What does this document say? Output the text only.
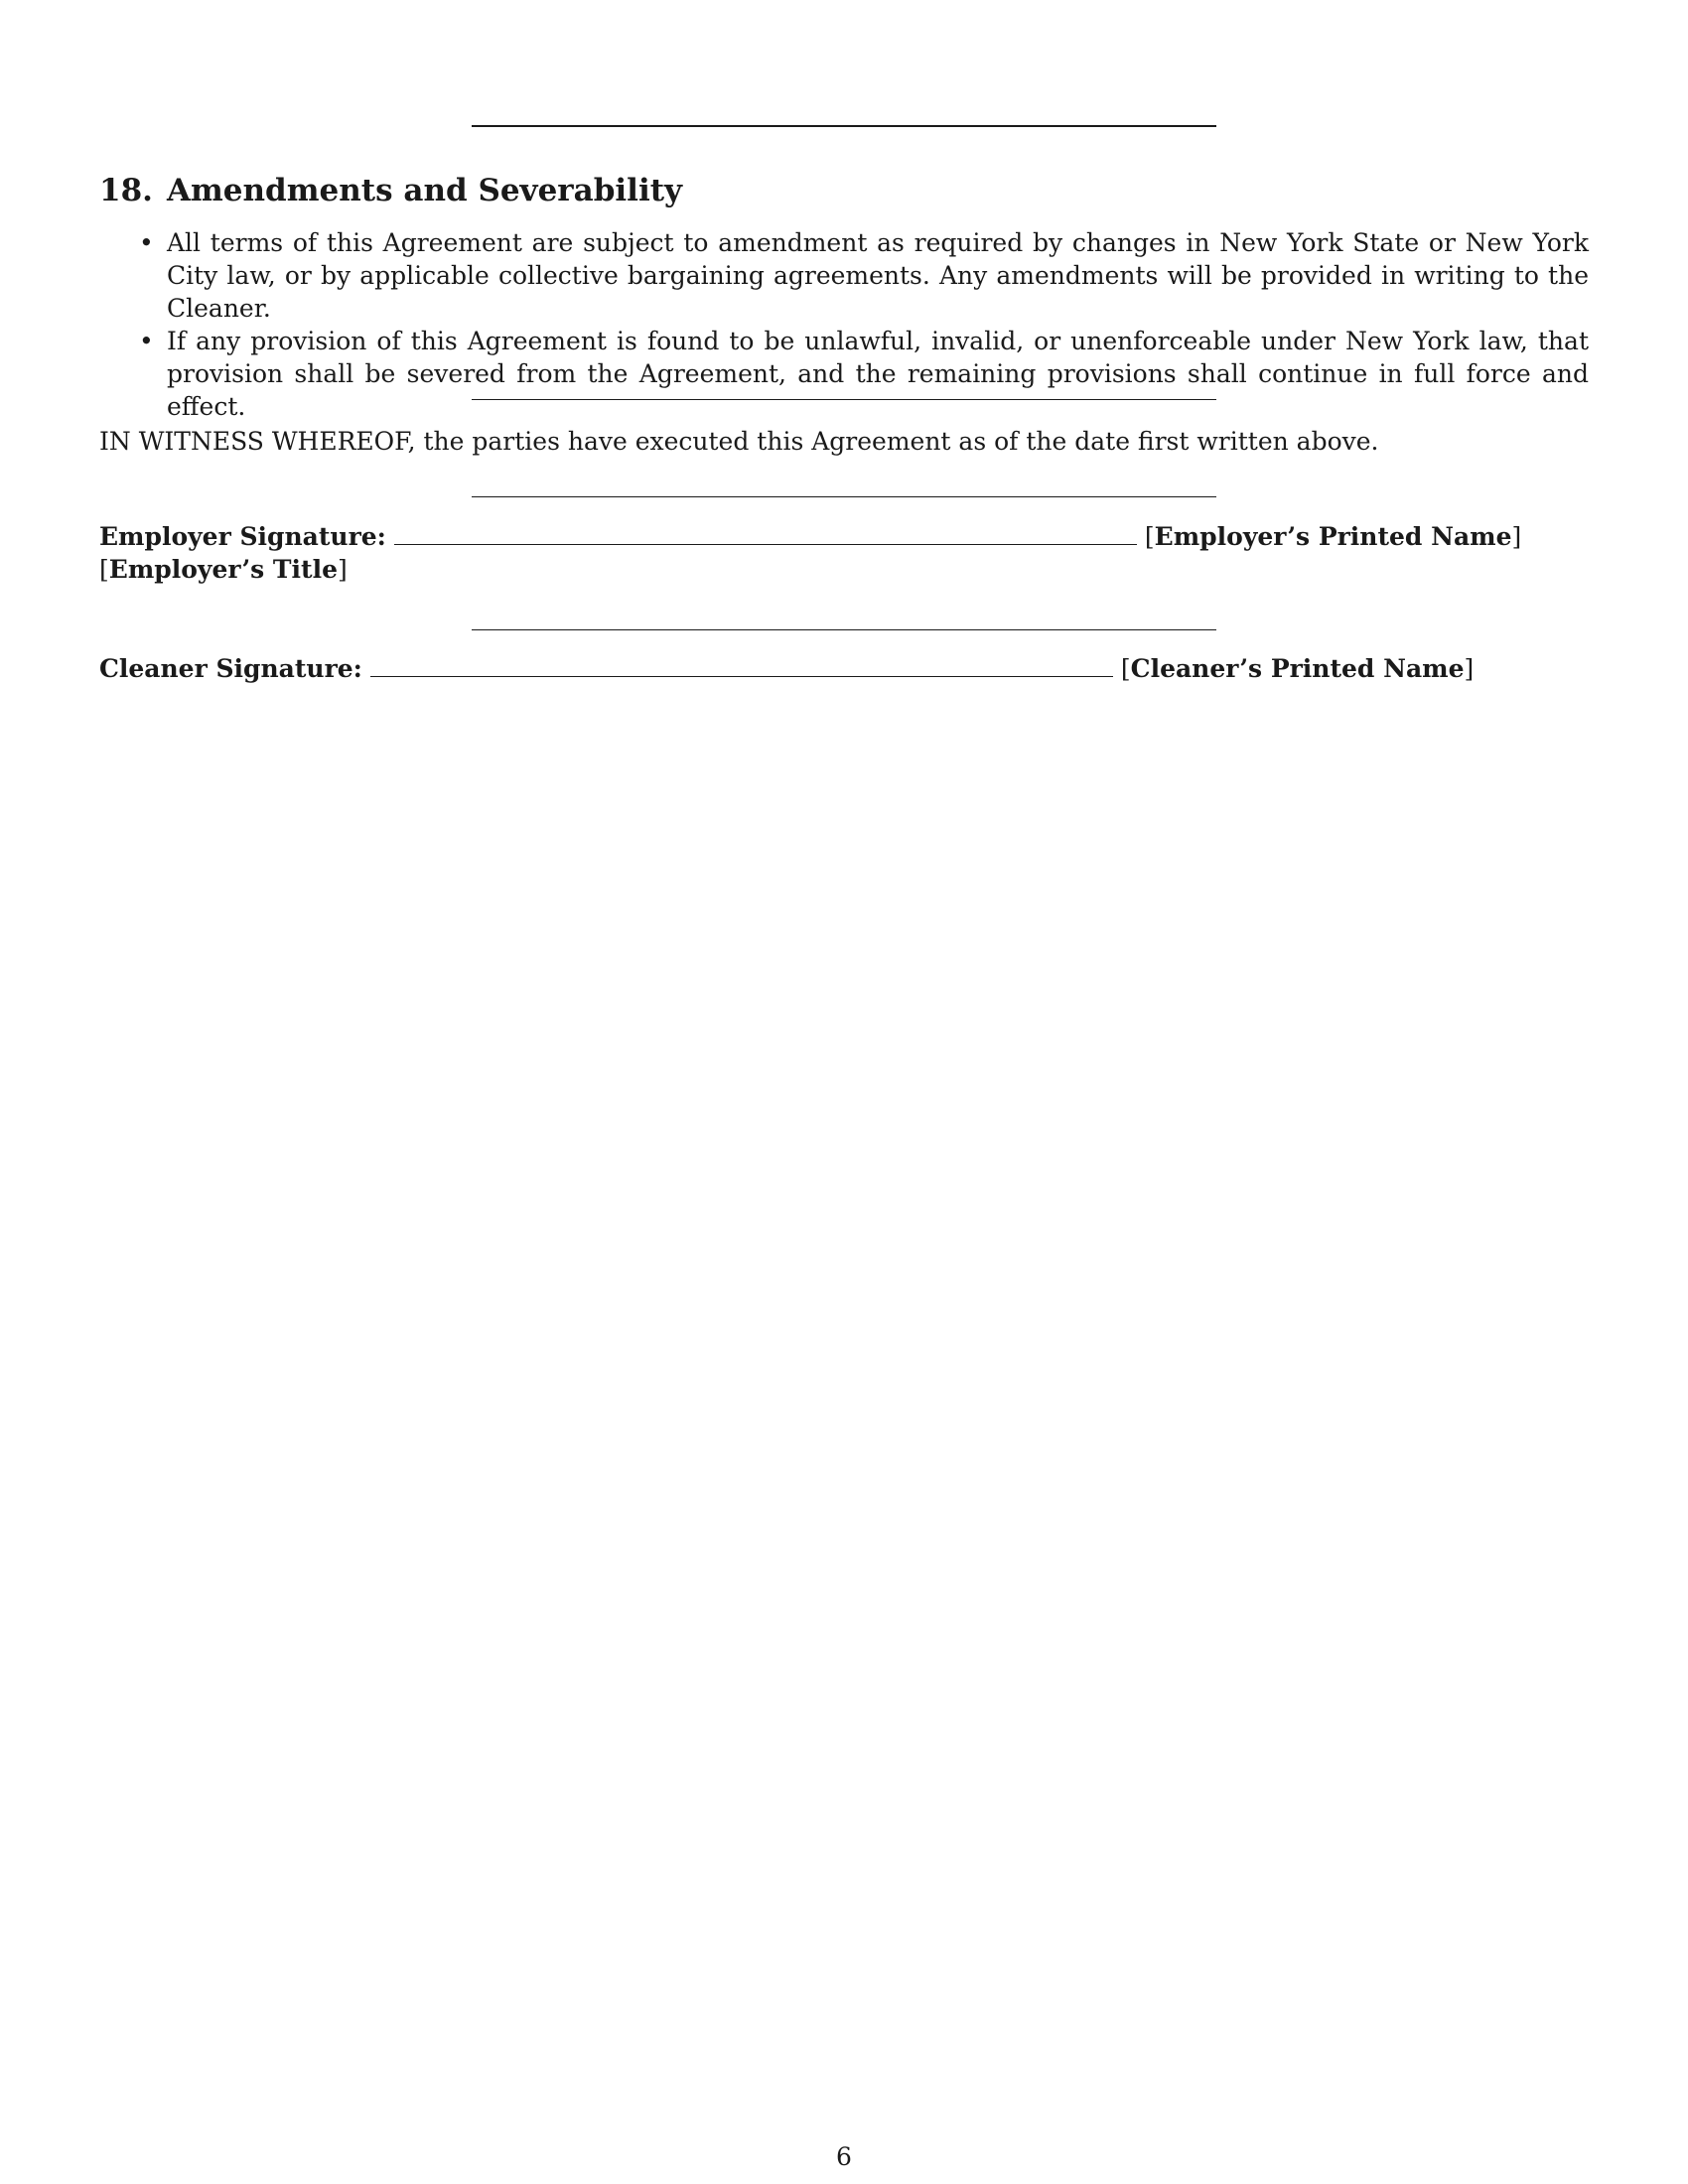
18. Amendments and Severability
• All terms of this Agreement are subject to amendment as required by changes in New York State or New York City law, or by applicable collective bargaining agreements. Any amendments will be provided in writing to the Cleaner.
• If any provision of this Agreement is found to be unlawful, invalid, or unenforceable under New York law, that provision shall be severed from the Agreement, and the remaining provisions shall continue in full force and effect.

IN WITNESS WHEREOF, the parties have executed this Agreement as of the date first written above.

Employer Signature:	[Employer’s Printed Name] [Employer’s Title]

Cleaner Signature:	[Cleaner’s Printed Name]

6
